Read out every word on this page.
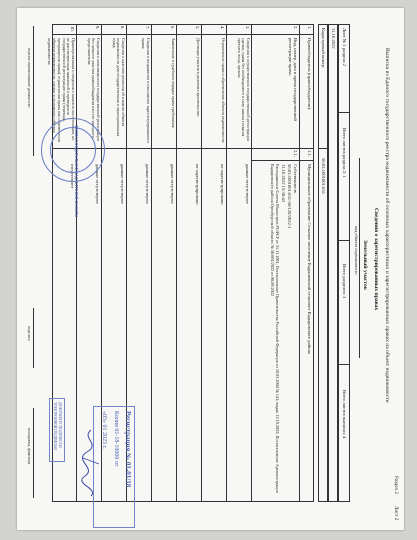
Раздел 2
Лист 2
Выписка из Единого государственного реестра недвижимости об основных характеристиках и зарегистрированных правах на объект недвижимости
Сведения о зарегистрированных правах
Земельный участок
вид объекта недвижимости
Лист № 1 раздела 2
Всего листов раздела 2: 1
Всего разделов: 3
Всего листов выписки: 4
11.10.2022
Кадастровый номер:
56:03:1001001:831
1.
Правообладатель (правообладатели):
1.1.
Муниципальное образование Сельское поселение Кадышевский сельсовет Кадыровского района
2.
Вид, номер, дата и время государственной регистрации права:
2.1.
Собственность
56:03:1001001:831-56/120/2022-1
11.10.2022 15:38:43
Распоряжение Совета Министров РСФСР от 31.11.1991, Постановление Правительства Российской Федерации от 10.03.2004 № 141; выдан 12.10.2022; Постановление Администрации Кадыровского района Оренбургской области № 56/001/2022 от 08.09.2022
3.
Сведения о осуществлении государственной регистрации сделки, права без необходимого в силу закона согласия третьего лица, органа:
данные отсутствуют
4.
Ограничение права и обременение объекта недвижимости:
не зарегистрировано
5.
Договоры участия в долевом строительстве:
не зарегистрировано
6.
Заявленные в судебном порядке права требования:
данные отсутствуют
7.
Сведения о возражении в отношении зарегистрированного права:
данные отсутствуют
8.
Сведения о наличии решения об изъятии объекта недвижимости для государственных и муниципальных нужд:
данные отсутствуют
9.
Сведения о невозможности государственной регистрации без личного участия правообладателя или его законного представителя:
данные отсутствуют
10.
Правопритязания и сведения о наличии поступивших, но не рассмотренных заявлений о проведении государственной регистрации права (перехода, прекращения права), ограничения права или обременения объекта недвижимости, сделки в отношении объекта недвижимости:
отсутствуют
полное наименование должности
подпись
инициалы, фамилия
ФИЛИАЛ ФЕДЕРАЛЬНОЙ КАДАСТРОВОЙ ПАЛАТЫ
ДОКУМЕНТ ПОДПИСАН
ЭЛЕКТРОННОЙ ПОДПИСЬЮ	Регистрация № 01-01/18
Копия 01-18-10000 от
«05» 01 2023 г.
